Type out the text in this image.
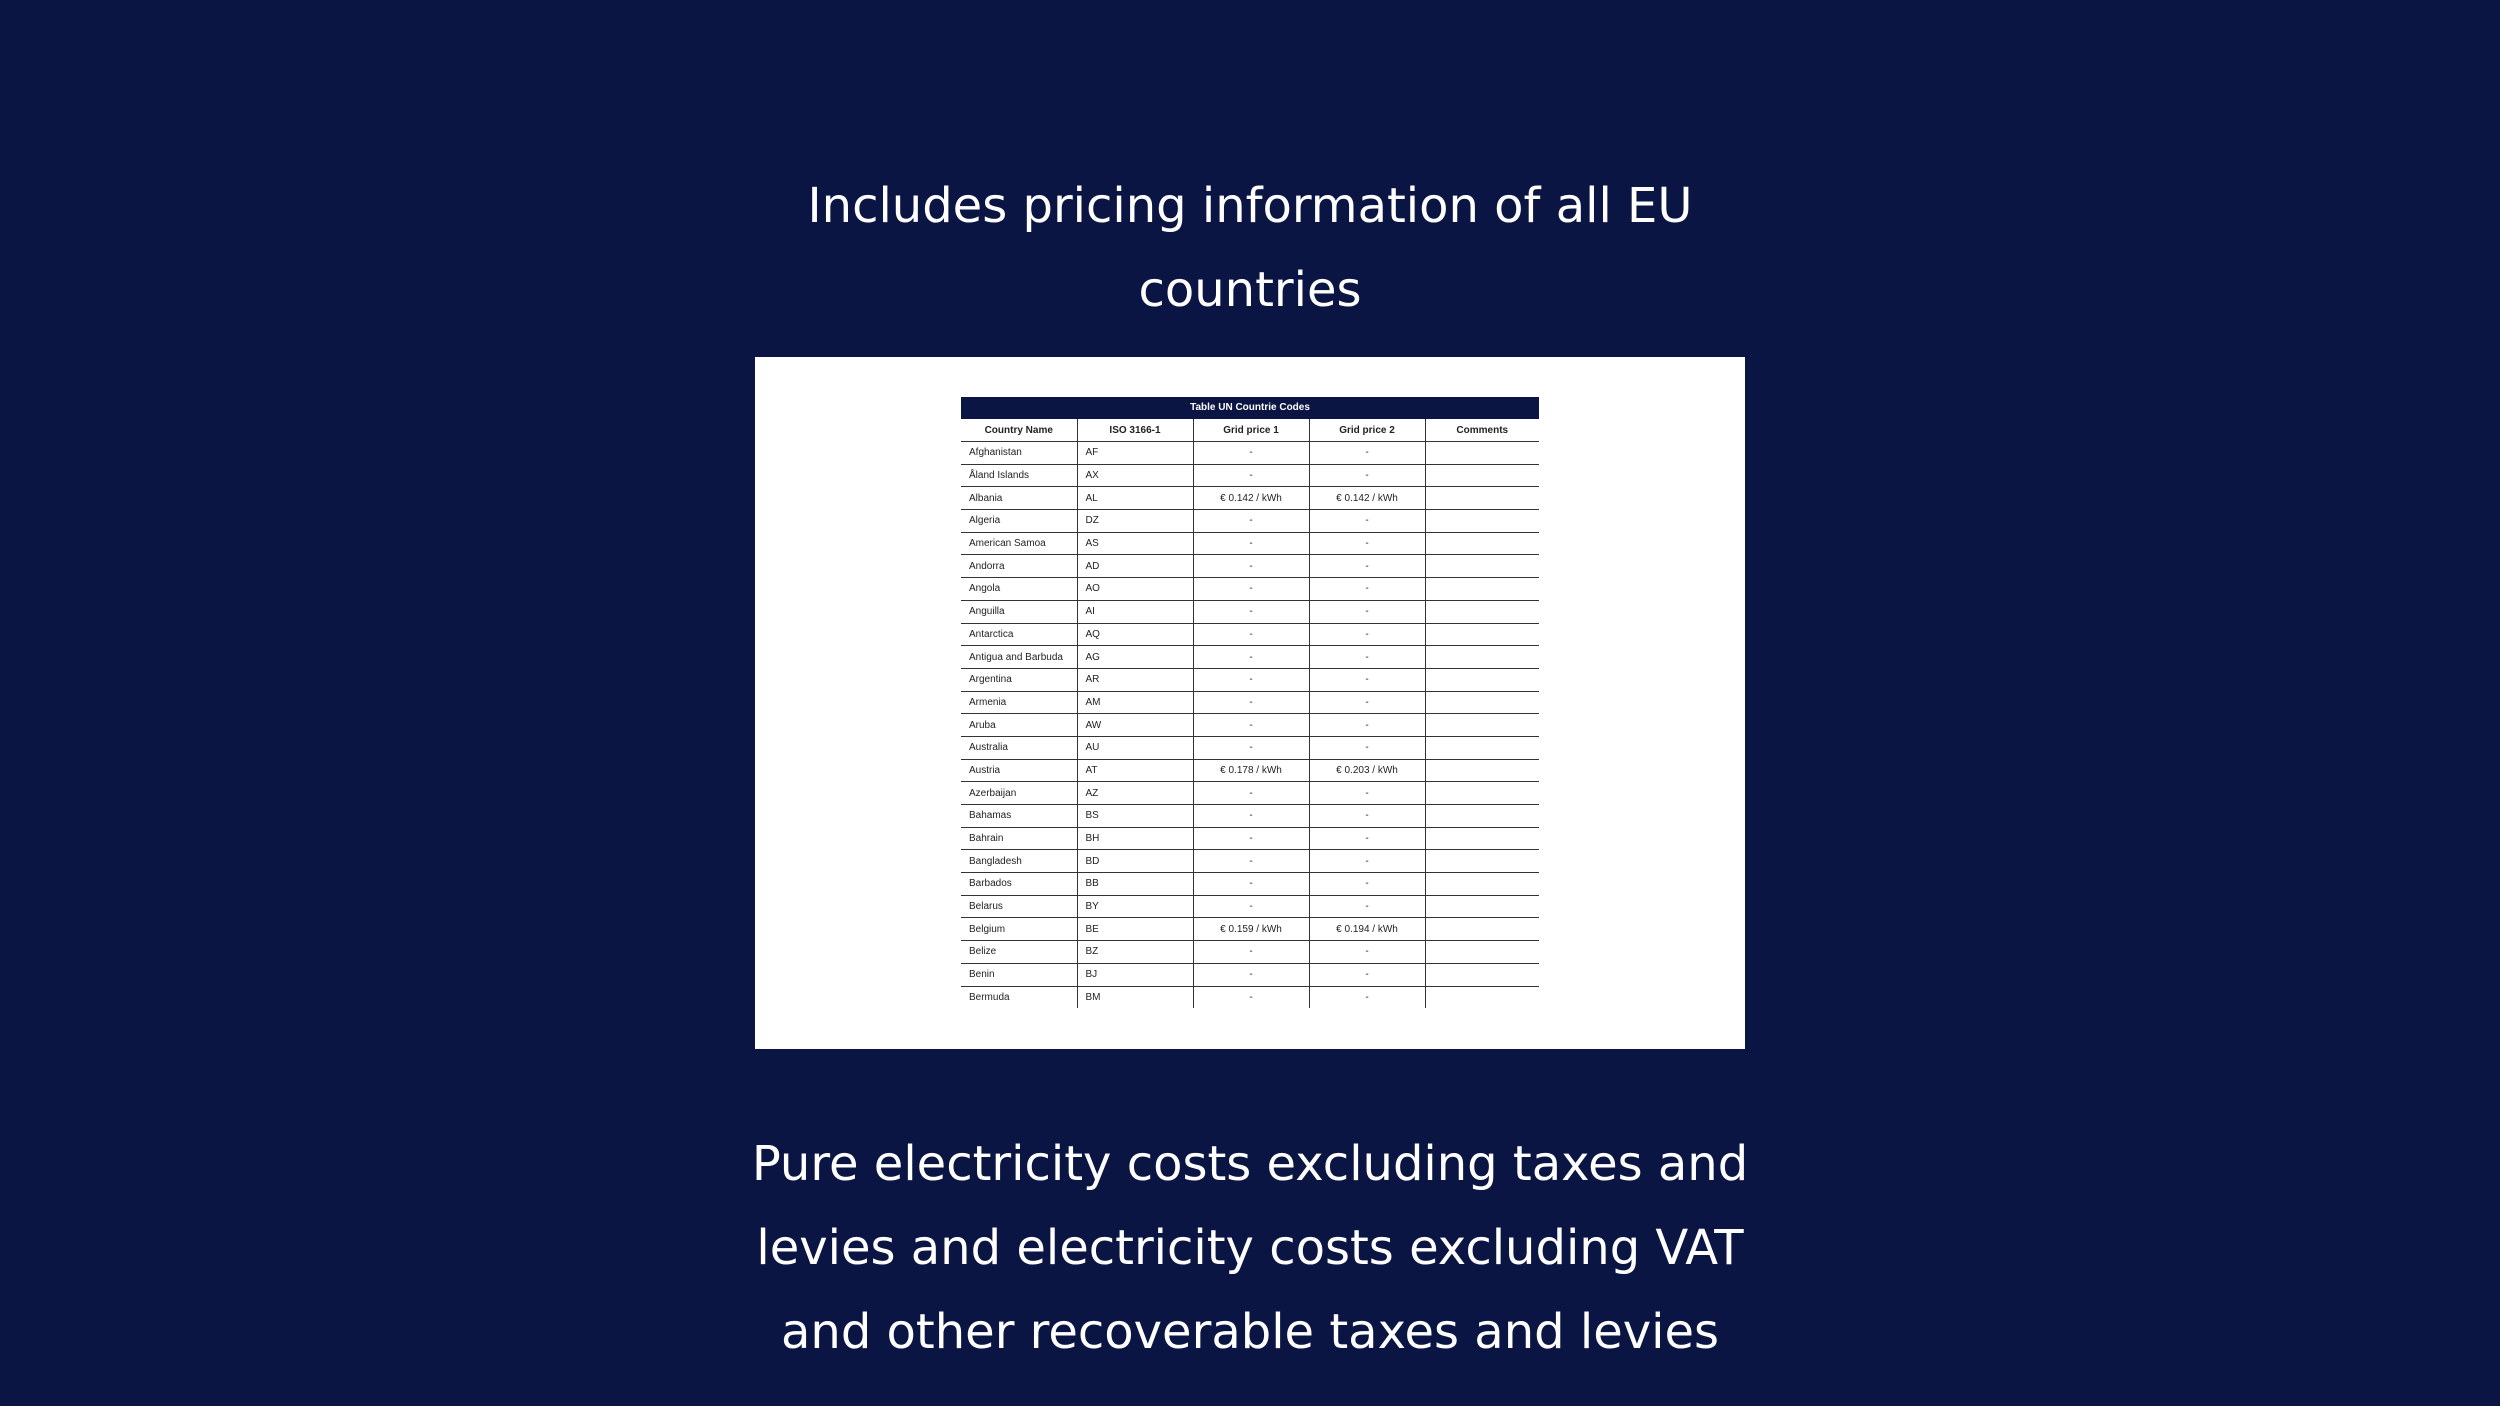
Includes pricing information of all EU
countries
Table UN Countrie Codes
Country Name	ISO 3166-1	Grid price 1	Grid price 2	Comments
Afghanistan	AF	-	-	
Åland Islands	AX	-	-	
Albania	AL	€ 0.142 / kWh	€ 0.142 / kWh	
Algeria	DZ	-	-	
American Samoa	AS	-	-	
Andorra	AD	-	-	
Angola	AO	-	-	
Anguilla	AI	-	-	
Antarctica	AQ	-	-	
Antigua and Barbuda	AG	-	-	
Argentina	AR	-	-	
Armenia	AM	-	-	
Aruba	AW	-	-	
Australia	AU	-	-	
Austria	AT	€ 0.178 / kWh	€ 0.203 / kWh	
Azerbaijan	AZ	-	-	
Bahamas	BS	-	-	
Bahrain	BH	-	-	
Bangladesh	BD	-	-	
Barbados	BB	-	-	
Belarus	BY	-	-	
Belgium	BE	€ 0.159 / kWh	€ 0.194 / kWh	
Belize	BZ	-	-	
Benin	BJ	-	-	
Bermuda	BM	-	-	
Pure electricity costs excluding taxes and
levies and electricity costs excluding VAT
and other recoverable taxes and levies
